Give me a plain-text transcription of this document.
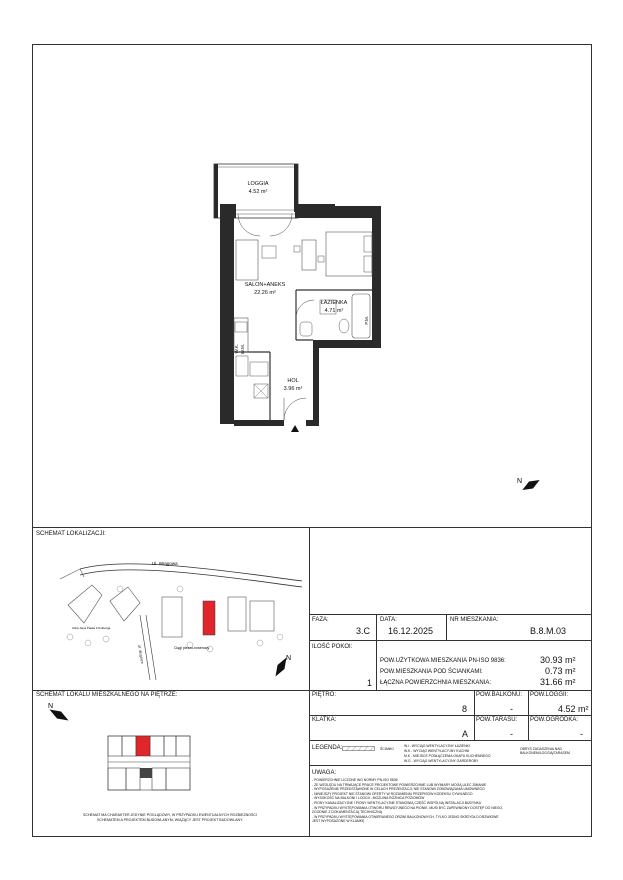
LOGGIA
4.52 m²
SALON+ANEKS
22.26 m²
ŁAZIENKA
4.71 m²
HOL
3.96 m²
W.K. W.M.
P.M.
N
SCHEMAT LOKALIZACJI:
Ul. Wrągowa
Ul. Wzgórze
Ulica Jana Pawła II Kolberga
Ciągi pieszo-rowerowy
N
SCHEMAT LOKALU MIESZKALNEGO NA PIĘTRZE:
N
SCHEMAT MA CHARAKTER JEDYNIE POGLĄDOWY, W PRZYPADKU EWENTUALNYCH ROZBIEŻNOŚCI
SCHEMATEM A PROJEKTEM BUDOWLANYM, WIĄŻĄCY JEST PROJEKT BUDOWLANY.
FAZA:
3.C
DATA:
16.12.2025
NR MIESZKANIA:
B.8.M.03
ILOŚĆ POKOI:
1
POW.UŻYTKOWA MIESZKANIA PN-ISO 9836:	30.93 m²
POW.MIESZKANIA POD ŚCIANKAMI:	0.73 m²
ŁĄCZNA POWIERZCHNIA MIESZKANIA:	31.66 m²
PIĘTRO:
8
POW.BALKONU:
-
POW.LOGGII:
4.52 m²
KLATKA:
A
POW.TARASU:
-
POW.OGRÓDKA:
-
LEGENDA:	ŚCIANKI
W.l - WYCIĄG WENTYLACYJNY ŁAZIENKI
W.K - WYCIĄG WENTYLACYJNY KUCHNI
M.K - MIEJSCE PODŁĄCZENIA OKAPU KUCHENNEGO
W.G - WYCIĄG WENTYLACYJNY GARDEROBY
OBRYS ZADASZENIA NAD BALKONEM/LOGGIĄ/TARASEM
UWAGA:
- POWIERZCHNIE LICZONE WG NORMY PN-ISO 9836
- ZE WZGLĘDU NA TRWAJĄCE PRACE PROJEKTOWE POWIERZCHNIE LUB WYMIARY MOGĄ ULEC ZMIANIE
- WYPOSAŻENIE PRZEDSTAWIONE W CELACH PREZENTACJI, NIE STANOWI ZOBOWIĄZANIA UMOWNEGO
- NINIEJSZY PROJEKT NIE STANOWI OFERTY W ROZUMIENIU PRZEPISÓW KODEKSU CYWILNEGO
- WYSOKOŚĆ NA BALKONI I LOGGII - MOŻLIWA RÓŻNICA POZIOMÓW
- PIONY KANALIZACYJNE I PIONY WENTYLACYJNE STANOWIĄ CZĘŚĆ WSPÓLNĄ INSTALACJI BUDYNKU
- W PRZYPADKU WYSTĘPOWANIA OTWORU REWIZYJNEGO NA PIONIE, MUSI BYĆ ZAPEWNIONY DOSTĘP DO NIEGO,
ZGODNIE Z DOKUMENTACJĄ TECHNICZNĄ
- W PRZYPADKU WYSTĘPOWANIA OTWIERANEGO DRZWI BALKONOWYCH, TYLKO JEDNO SKRZYDŁO DRZWIOWE
JEST WYPOSAŻONE W KLAMKĘ
